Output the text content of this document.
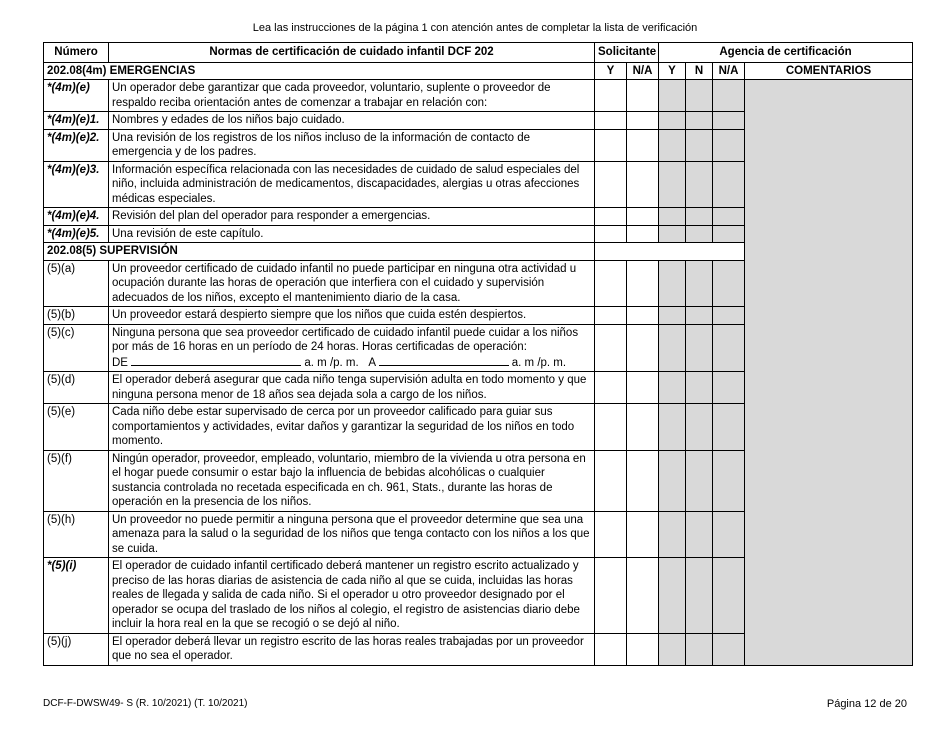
Lea las instrucciones de la página 1 con atención antes de completar la lista de verificación
Número	Normas de certificación de cuidado infantil DCF 202	Solicitante		Agencia de certificación			
202.08(4m) EMERGENCIAS		Y	N/A	Y	N	N/A	COMENTARIOS
*(4m)(e)	Un operador debe garantizar que cada proveedor, voluntario, suplente o proveedor de respaldo reciba orientación antes de comenzar a trabajar en relación con:						
*(4m)(e)1.	Nombres y edades de los niños bajo cuidado.						
*(4m)(e)2.	Una revisión de los registros de los niños incluso de la información de contacto de emergencia y de los padres.						
*(4m)(e)3.	Información específica relacionada con las necesidades de cuidado de salud especiales del niño, incluida administración de medicamentos, discapacidades, alergias u otras afecciones médicas especiales.						
*(4m)(e)4.	Revisión del plan del operador para responder a emergencias.						
*(4m)(e)5.	Una revisión de este capítulo.						
202.08(5) SUPERVISIÓN							
(5)(a)	Un proveedor certificado de cuidado infantil no puede participar en ninguna otra actividad u ocupación durante las horas de operación que interfiera con el cuidado y supervisión adecuados de los niños, excepto el mantenimiento diario de la casa.						
(5)(b)	Un proveedor estará despierto siempre que los niños que cuida estén despiertos.						
(5)(c)	Ninguna persona que sea proveedor certificado de cuidado infantil puede cuidar a los niños por más de 16 horas en un período de 24 horas. Horas certificadas de operación:
DE a. m /p. m. A a. m /p. m.						

(5)(d)	El operador deberá asegurar que cada niño tenga supervisión adulta en todo momento y que ninguna persona menor de 18 años sea dejada sola a cargo de los niños.						
(5)(e)	Cada niño debe estar supervisado de cerca por un proveedor calificado para guiar sus comportamientos y actividades, evitar daños y garantizar la seguridad de los niños en todo momento.						
(5)(f)	Ningún operador, proveedor, empleado, voluntario, miembro de la vivienda u otra persona en el hogar puede consumir o estar bajo la influencia de bebidas alcohólicas o cualquier sustancia controlada no recetada especificada en ch. 961, Stats., durante las horas de operación en la presencia de los niños.						
(5)(h)	Un proveedor no puede permitir a ninguna persona que el proveedor determine que sea una amenaza para la salud o la seguridad de los niños que tenga contacto con los niños a los que se cuida.						
*(5)(i)	El operador de cuidado infantil certificado deberá mantener un registro escrito actualizado y preciso de las horas diarias de asistencia de cada niño al que se cuida, incluidas las horas reales de llegada y salida de cada niño. Si el operador u otro proveedor designado por el operador se ocupa del traslado de los niños al colegio, el registro de asistencias diario debe incluir la hora real en la que se recogió o se dejó al niño.						
(5)(j)	El operador deberá llevar un registro escrito de las horas reales trabajadas por un proveedor que no sea el operador.						
DCF-F-DWSW49- S (R. 10/2021) (T. 10/2021)	Página 12 de 20
